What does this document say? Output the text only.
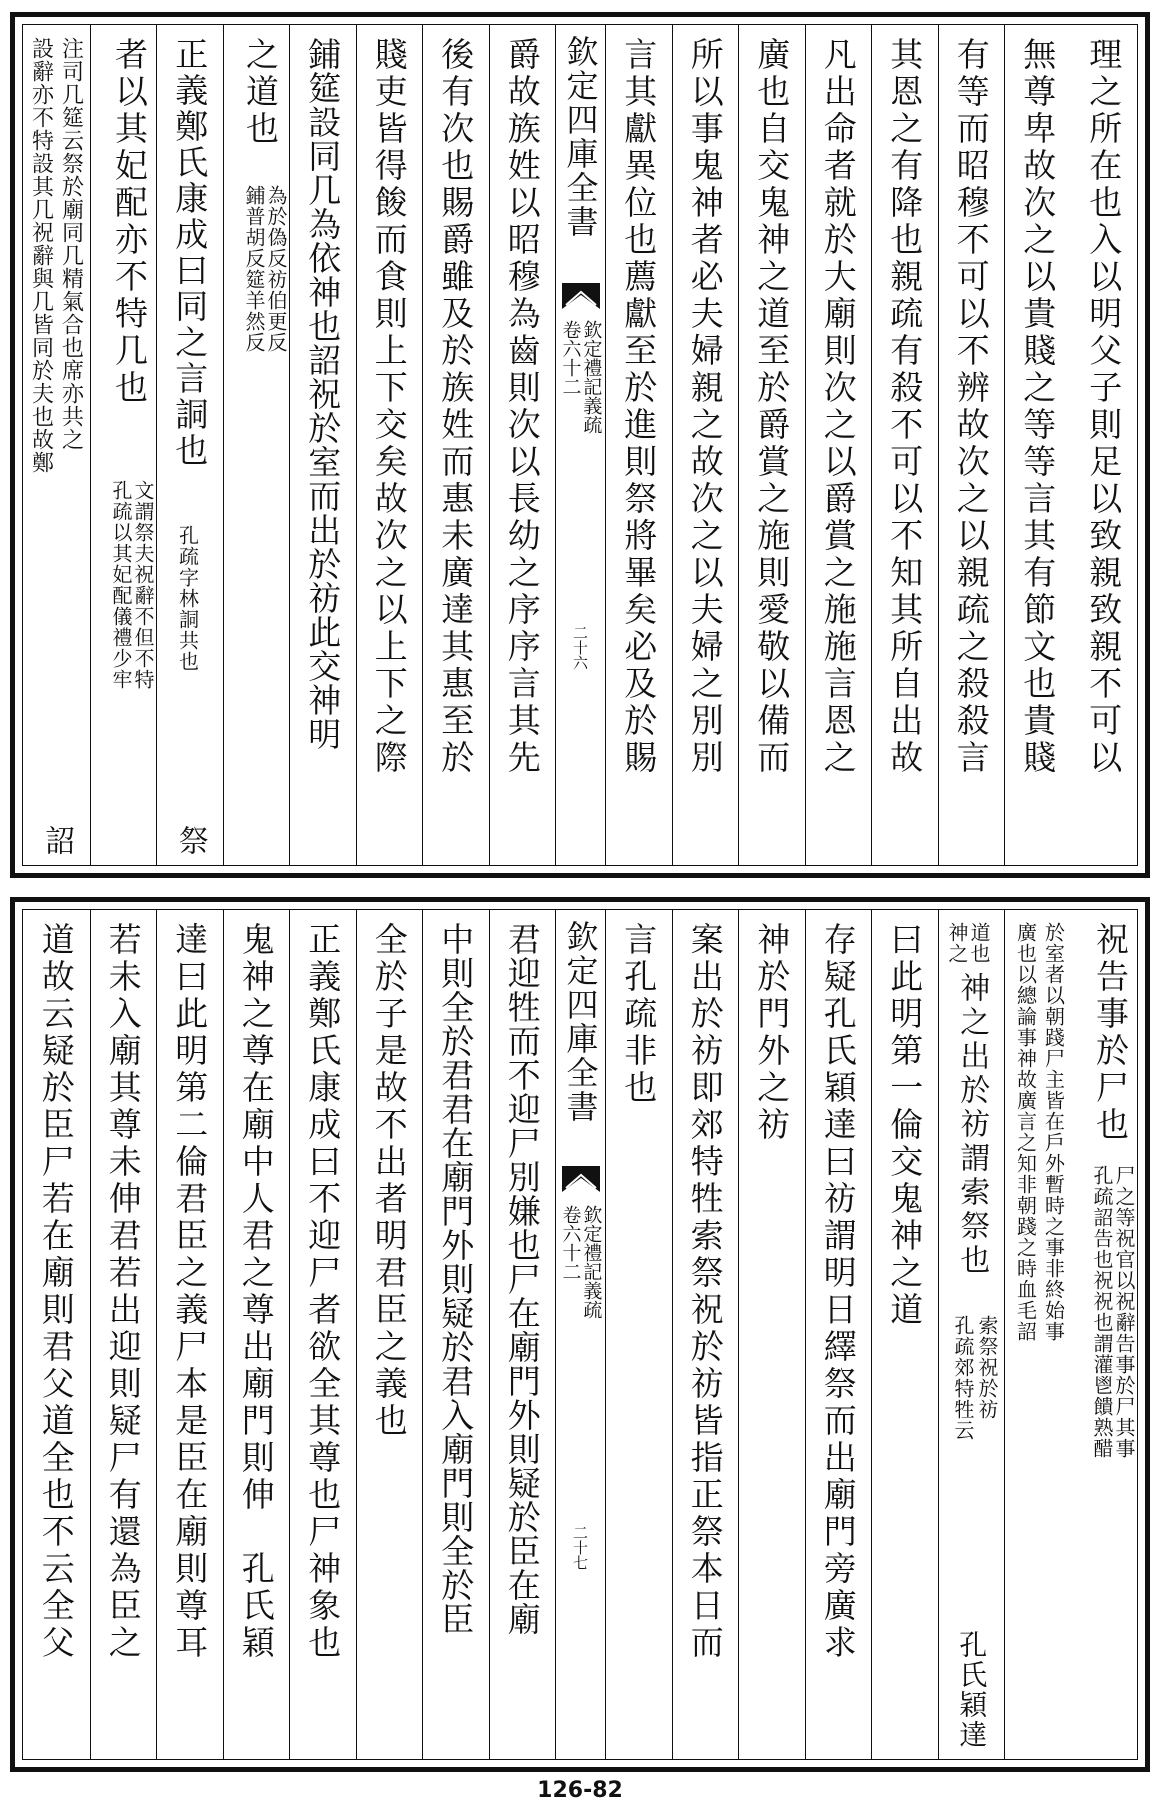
理之所在也入以明父子則足以致親致親不可以
無尊卑故次之以貴賤之等等言其有節文也貴賤
有等而昭穆不可以不辨故次之以親疏之殺殺言
其恩之有降也親疏有殺不可以不知其所自出故
凡出命者就於大廟則次之以爵賞之施施言恩之
廣也自交鬼神之道至於爵賞之施則愛敬以備而
所以事鬼神者必夫婦親之故次之以夫婦之別別
言其獻異位也薦獻至於進則祭將畢矣必及於賜
欽定四庫全書
欽定禮記義疏
卷六十二
二十六
爵故族姓以昭穆為齒則次以長幼之序序言其先
後有次也賜爵雖及於族姓而惠未廣達其惠至於
賤吏皆得餕而食則上下交矣故次之以上下之際
鋪筵設同几為依神也詔祝於室而出於祊此交神明
之道也
鋪普胡反筵羊然反
為於偽反祊伯更反
正義鄭氏康成曰同之言詷也
孔疏字林詷共也
祭
者以其妃配亦不特几也
孔疏以其妃配儀禮少牢
文謂祭夫祝辭不但不特
設辭亦不特設其几祝辭與几皆同於夫也故鄭 注司几筵云祭於廟同几精氣合也席亦共之
詔
祝告事於尸也
孔疏詔告也祝祝也謂灌鬯饋熟醋
尸之等祝官以祝辭告事於尸其事
廣也以總論事神故廣言之知非朝踐之時血毛詔 於室者以朝踐尸主皆在戶外暫時之事非終始事
神之
道也
神之出於祊謂索祭也
孔疏郊特牲云 索祭祝於祊
孔氏穎達
曰此明第一倫交鬼神之道
存疑孔氏穎達曰祊謂明日繹祭而出廟門旁廣求
神於門外之祊
案出於祊即郊特牲索祭祝於祊皆指正祭本日而
言孔疏非也
欽定四庫全書
欽定禮記義疏
卷六十二
二十七
君迎牲而不迎尸別嫌也尸在廟門外則疑於臣在廟
中則全於君君在廟門外則疑於君入廟門則全於臣
全於子是故不出者明君臣之義也
正義鄭氏康成曰不迎尸者欲全其尊也尸神象也
鬼神之尊在廟中人君之尊出廟門則伸　孔氏穎
達曰此明第二倫君臣之義尸本是臣在廟則尊耳
若未入廟其尊未伸君若出迎則疑尸有還為臣之
道故云疑於臣尸若在廟則君父道全也不云全父
126-82
